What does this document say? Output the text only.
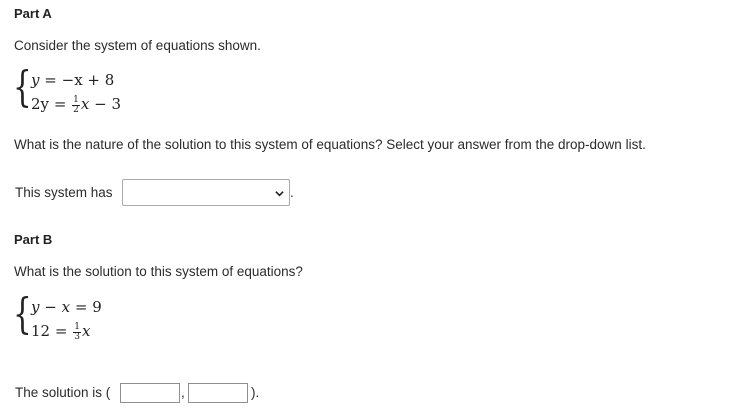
Part A
Consider the system of equations shown.
{ y = −x + 8
$2y = \frac{1}{2}$ x − 3
What is the nature of the solution to this system of equations? Select your answer from the drop-down list.
This system has	.
Part B
What is the solution to this system of equations?
{ y − x = 9
$12 = \frac{1}{3}$ x
The solution is (	,	).
